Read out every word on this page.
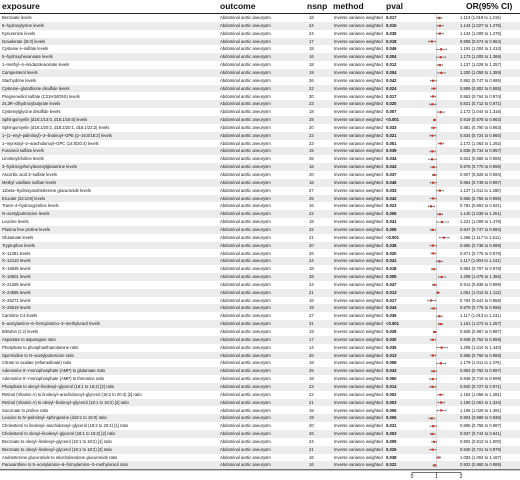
exposure	outcome	nsnp method	pval	OR(95% CI)
Benzoate levels	Abdominal aortic aneurysm	18	Inverse variance weighted 0.017	1.113 (1.019 to 1.215)
5–hydroxylysine levels	Abdominal aortic aneurysm	24	Inverse variance weighted 0.015	1.144 (1.027 to 1.275)
Kynurenine levels	Abdominal aortic aneurysm	24	Inverse variance weighted 0.035	1.134 (1.009 to 1.275)
Isovalerate (i5:0) levels	Abdominal aortic aneurysm	17	Inverse variance weighted 0.018	0.806 (0.674 to 0.964)
Cysteine s–sulfate levels	Abdominal aortic aneurysm	18	Inverse variance weighted 0.046	1.191 (1.004 to 1.413)
5–hydroxyhexanoate levels	Abdominal aortic aneurysm	16	Inverse variance weighted 0.004	1.173 (1.005 to 1.369)
1–methyl–4–imidazoleacetate levels	Abdominal aortic aneurysm	18	Inverse variance weighted 0.012	1.137 (1.028 to 1.257)
Campesterol levels	Abdominal aortic aneurysm	19	Inverse variance weighted 0.004	1.200 (1.059 to 1.359)
Stachydrine levels	Abdominal aortic aneurysm	26	Inverse variance weighted 0.042	0.862 (0.747 to 0.995)
Cysteine–glutathione disulfide levels	Abdominal aortic aneurysm	22	Inverse variance weighted 0.024	0.889 (0.802 to 0.985)
Pregnenediol sulfate (C21H34O5S) levels	Abdominal aortic aneurysm	30	Inverse variance weighted 0.017	0.863 (0.764 to 0.974)
2s,3R–dihydroxybutyrate levels	Abdominal aortic aneurysm	23	Inverse variance weighted 0.020	0.831 (0.712 to 0.971)
Cysteinylglycine disulfide levels	Abdominal aortic aneurysm	18	Inverse variance weighted 0.007	1.172 (1.044 to 1.316)
Sphingomyelin (d18:1/14:0, d16:1/16:0) levels	Abdominal aortic aneurysm	28	Inverse variance weighted <0.001	0.919 (0.878 to 0.963)
Sphingomyelin (d18:1/20:2, d18:2/20:1, d16:1/22:2) levels	Abdominal aortic aneurysm	20	Inverse variance weighted 0.033	0.881 (0.790 to 0.983)
1–(1–enyl–palmitoyl)–2–linoleoyl–GPE (p–16:0/18:2) levels	Abdominal aortic aneurysm	22	Inverse variance weighted 0.021	0.834 (0.724 to 0.960)
1–myristoyl–2–arachidonoyl–GPC (14:0/20:4) levels	Abdominal aortic aneurysm	23	Inverse variance weighted 0.001	1.172 (1.063 to 1.292)
Furaneol sulfate levels	Abdominal aortic aneurysm	15	Inverse variance weighted 0.039	0.836 (0.734 to 0.957)
Linoleoylcholine levels	Abdominal aortic aneurysm	26	Inverse variance weighted 0.034	0.821 (0.685 to 0.985)
3–hydroxyphenylacetoylglutamine levels	Abdominal aortic aneurysm	18	Inverse variance weighted 0.043	0.876 (0.770 to 0.996)
Ascorbic acid 3–sulfate levels	Abdominal aortic aneurysm	20	Inverse variance weighted 0.037	0.907 (0.828 to 0.994)
Methyl vanillate sulfate levels	Abdominal aortic aneurysm	18	Inverse variance weighted 0.046	0.864 (0.748 to 0.997)
11beta–hydroxyandrosterone glucuronide levels	Abdominal aortic aneurysm	27	Inverse variance weighted 0.033	1.137 (1.011 to 1.280)
Erucate (22:1n9) levels	Abdominal aortic aneurysm	25	Inverse variance weighted 0.042	0.866 (0.755 to 0.995)
Trans–4–hydroxyproline levels	Abdominal aortic aneurysm	16	Inverse variance weighted 0.023	0.781 (0.663 to 0.921)
N–acetylputrescine levels	Abdominal aortic aneurysm	22	Inverse variance weighted 0.006	1.140 (1.039 to 1.251)
Leucine levels	Abdominal aortic aneurysm	18	Inverse variance weighted 0.041	1.221 (1.008 to 1.478)
Plasma free proline levels	Abdominal aortic aneurysm	32	Inverse variance weighted 0.009	0.847 (0.747 to 0.960)
Glutamate levels	Abdominal aortic aneurysm	21	Inverse variance weighted <0.001	1.296 (1.117 to 1.511)
Tryptophan levels	Abdominal aortic aneurysm	20	Inverse variance weighted 0.038	0.855 (0.738 to 0.989)
X–11381 levels	Abdominal aortic aneurysm	26	Inverse variance weighted 0.020	0.871 (0.775 to 0.979)
X–12410 levels	Abdominal aortic aneurysm	24	Inverse variance weighted 0.041	1.117 (1.004 to 1.241)
X–16935 levels	Abdominal aortic aneurysm	18	Inverse variance weighted 0.018	0.883 (0.797 to 0.979)
X–18601 levels	Abdominal aortic aneurysm	28	Inverse variance weighted 0.005	1.208 (1.075 to 1.356)
X–21285 levels	Abdominal aortic aneurysm	24	Inverse variance weighted 0.047	0.913 (0.835 to 0.999)
X–24585 levels	Abdominal aortic aneurysm	21	Inverse variance weighted 0.013	1.061 (1.013 to 1.113)
X–25271 levels	Abdominal aortic aneurysm	16	Inverse variance weighted 0.017	0.784 (0.641 to 0.958)
X–25519 levels	Abdominal aortic aneurysm	19	Inverse variance weighted 0.044	0.879 (0.775 to 0.996)
Carnitine C4 levels	Abdominal aortic aneurysm	37	Inverse variance weighted 0.036	1.117 (1.013 to 1.231)
5–acetylamino–6–formylamino–3–methyluracil levels	Abdominal aortic aneurysm	31	Inverse variance weighted <0.001	1.161 (1.073 to 1.257)
Bilirubin (z,z) levels	Abdominal aortic aneurysm	19	Inverse variance weighted 0.028	0.925 (0.867 to 0.987)
Aspartate to asparagine ratio	Abdominal aortic aneurysm	17	Inverse variance weighted 0.030	0.848 (0.752 to 0.959)
Phosphate to phosphoethanolamine ratio	Abdominal aortic aneurysm	14	Inverse variance weighted 0.035	1.208 (1.014 to 1.440)
Spermidine to N–acetylputrescine ratio	Abdominal aortic aneurysm	26	Inverse variance weighted 0.013	0.858 (0.760 to 0.968)
Citrate to oxalate (ethanedioate) ratio	Abdominal aortic aneurysm	18	Inverse variance weighted 0.008	1.179 (1.011 to 1.375)
Adenosine 5'–monophosphate (AMP) to glutamate ratio	Abdominal aortic aneurysm	25	Inverse variance weighted 0.043	0.883 (0.782 to 0.997)
Adenosine 5'–monophosphate (AMP) to threonine ratio	Abdominal aortic aneurysm	18	Inverse variance weighted 0.050	0.848 (0.719 to 0.999)
Phosphate to oleoyl–linoleoyl–glycerol (18:1 to 18:2) [2] ratio	Abdominal aortic aneurysm	23	Inverse variance weighted 0.014	0.840 (0.727 to 0.971)
Retinol (Vitamin A) to linoleoyl–arachidonoyl–glycerol (18:2 to 20:4) [2] ratio	Abdominal aortic aneurysm	22	Inverse variance weighted 0.002	1.164 (1.058 to 1.281)
Retinol (Vitamin A) to oleoyl–linoleoyl–glycerol (18:1 to 18:2) [2] ratio	Abdominal aortic aneurysm	21	Inverse variance weighted 0.003	1.190 (1.061 to 1.334)
Succinate to proline ratio	Abdominal aortic aneurysm	15	Inverse variance weighted 0.006	1.196 (1.029 to 1.391)
Leucine to N–palmitoyl–sphingosine (d18:1 to 16:0) ratio	Abdominal aortic aneurysm	19	Inverse variance weighted 0.006	0.804 (0.689 to 0.938)
Cholesterol to linoleoyl–arachidonoyl–glycerol (18:2 to 20:4) [1] ratio	Abdominal aortic aneurysm	20	Inverse variance weighted 0.031	0.865 (0.758 to 0.987)
Cholesterol to oleoyl–linoleoyl–glycerol (18:1 to 18:2) [2] ratio	Abdominal aortic aneurysm	26	Inverse variance weighted 0.003	0.837 (0.744 to 0.941)
Benzoate to oleoyl–linoleoyl–glycerol (18:1 to 18:2) [1] ratio	Abdominal aortic aneurysm	24	Inverse variance weighted 0.009	0.902 (0.813 to 1.000)
Benzoate to oleoyl–linoleoyl–glycerol (18:1 to 18:2) [2] ratio	Abdominal aortic aneurysm	21	Inverse variance weighted 0.026	0.840 (0.721 to 0.979)
Androsterone glucuronide to etiocholanolone glucuronide ratio	Abdominal aortic aneurysm	16	Inverse variance weighted 0.038	1.083 (1.004 to 1.167)
Paraxanthine to 5–acetylamino–6–formylamino–3–methyluracil ratio	Abdominal aortic aneurysm	16	Inverse variance weighted 0.022	0.922 (0.860 to 0.989)
0	1	2
